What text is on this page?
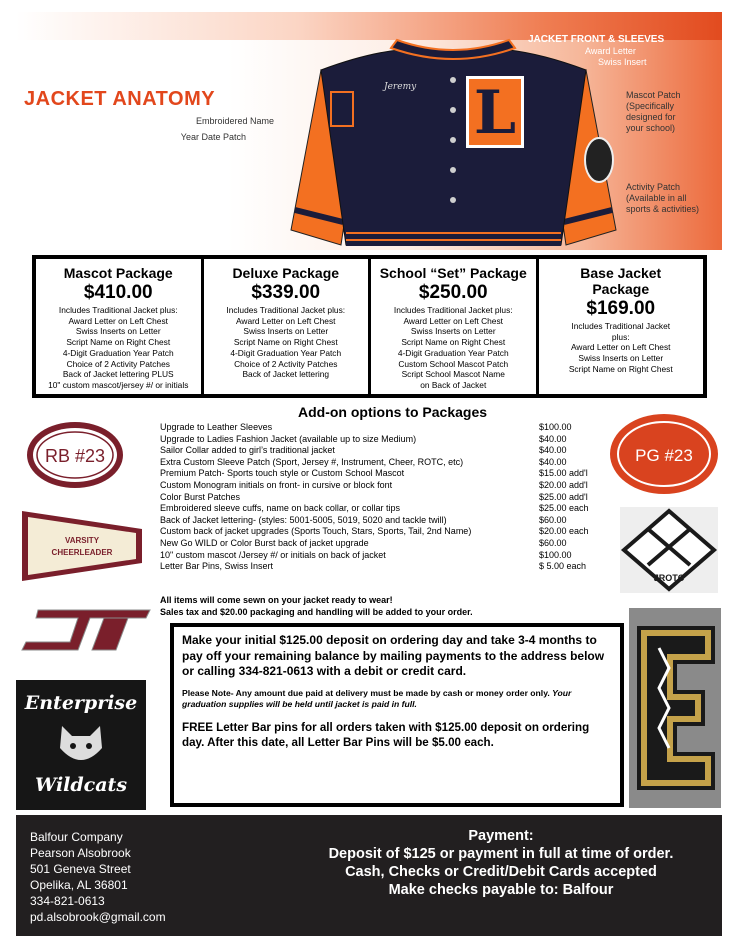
JACKET FRONT & SLEEVES
Award Letter
Swiss Insert
JACKET ANATOMY
Embroidered Name
Year Date Patch
Mascot Patch
(Specifically
designed for
your school)
Activity Patch
(Available in all
sports & activities)
Jeremy L
Mascot Package
$410.00
Includes Traditional Jacket plus:
Award Letter on Left Chest
Swiss Inserts on Letter
Script Name on Right Chest
4-Digit Graduation Year Patch
Choice of 2 Activity Patches
Back of Jacket lettering PLUS
10" custom mascot/jersey #/ or initials
Deluxe Package
$339.00
Includes Traditional Jacket plus:
Award Letter on Left Chest
Swiss Inserts on Letter
Script Name on Right Chest
4-Digit Graduation Year Patch
Choice of 2 Activity Patches
Back of Jacket lettering
School “Set” Package
$250.00
Includes Traditional Jacket plus:
Award Letter on Left Chest
Swiss Inserts on Letter
Script Name on Right Chest
4-Digit Graduation Year Patch
Custom School Mascot Patch
Script School Mascot Name
on Back of Jacket
Base Jacket
Package
$169.00
Includes Traditional Jacket
plus:
Award Letter on Left Chest
Swiss Inserts on Letter
Script Name on Right Chest
Add-on options to Packages
Upgrade to Leather Sleeves	$100.00
Upgrade to Ladies Fashion Jacket (available up to size Medium)	$40.00
Sailor Collar added to girl’s traditional jacket	$40.00
Extra Custom Sleeve Patch (Sport, Jersey #, Instrument, Cheer, ROTC, etc)	$40.00
Premium Patch- Sports touch style or Custom School Mascot	$15.00 add'l
Custom Monogram initials on front- in cursive or block font	$20.00 add'l
Color Burst Patches	$25.00 add'l
Embroidered sleeve cuffs, name on back collar, or collar tips	$25.00 each
Back of Jacket lettering- (styles: 5001-5005, 5019, 5020 and tackle twill)	$60.00
Custom back of jacket upgrades (Sports Touch, Stars, Sports, Tail, 2nd Name)	$20.00 each
New Go WILD or Color Burst back of jacket upgrade	$60.00
10" custom mascot /Jersey #/ or initials on back of jacket	$100.00
Letter Bar Pins, Swiss Insert	$ 5.00 each
All items will come sewn on your jacket ready to wear!
Sales tax and $20.00 packaging and handling will be added to your order.
Make your initial $125.00 deposit on ordering day and take 3-4 months to pay off your remaining balance by mailing payments to the address below or calling 334-821-0613 with a debit or credit card.
Please Note- Any amount due paid at delivery must be made by cash or money order only. Your graduation supplies will be held until jacket is paid in full.
FREE Letter Bar pins for all orders taken with $125.00 deposit on ordering day. After this date, all Letter Bar Pins will be $5.00 each.
RB #23
VARSITY
CHEERLEADER
Enterprise
Wildcats
PG #23
JROTC
Balfour Company
Pearson Alsobrook
501 Geneva Street
Opelika, AL 36801
334-821-0613
pd.alsobrook@gmail.com
Payment:
Deposit of $125 or payment in full at time of order.
Cash, Checks or Credit/Debit Cards accepted
Make checks payable to: Balfour
